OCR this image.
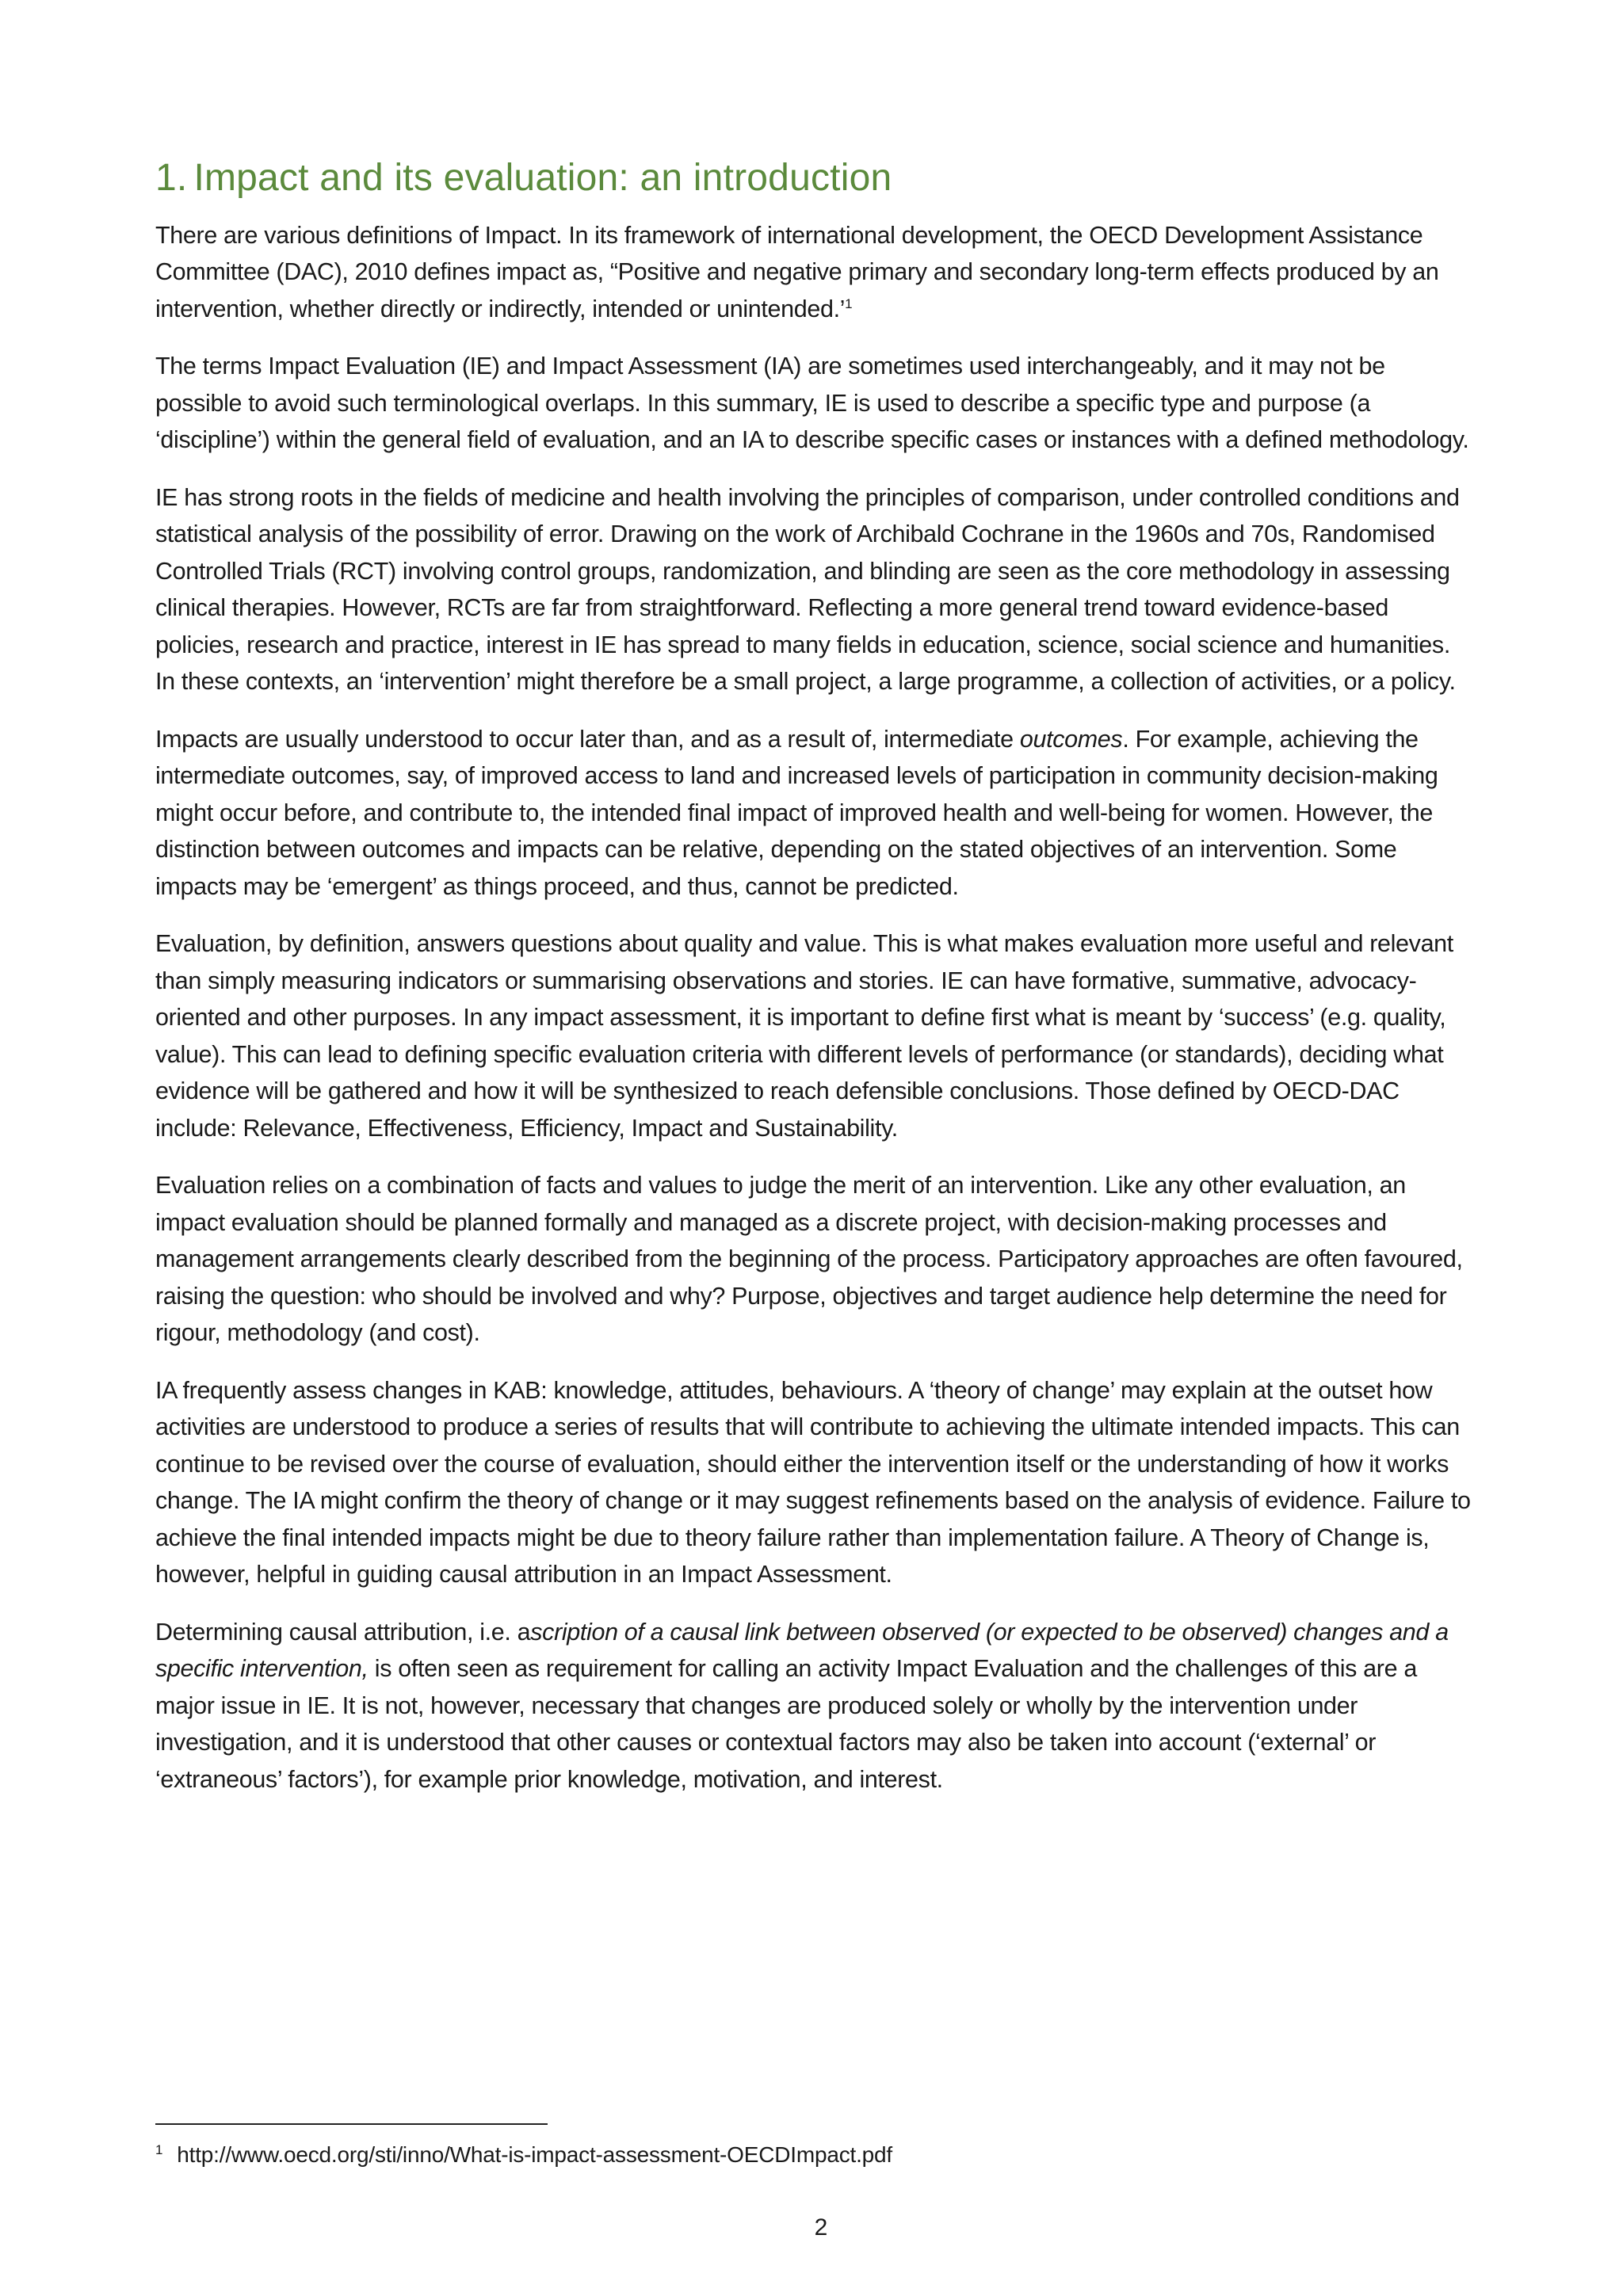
1. Impact and its evaluation: an introduction

There are various definitions of Impact. In its framework of international development, the OECD Development Assistance Committee (DAC), 2010 defines impact as, “Positive and negative primary and secondary long-term effects produced by an intervention, whether directly or indirectly, intended or unintended.’$^1$

The terms Impact Evaluation (IE) and Impact Assessment (IA) are sometimes used interchangeably, and it may not be possible to avoid such terminological overlaps. In this summary, IE is used to describe a specific type and purpose (a ‘discipline’) within the general field of evaluation, and an IA to describe specific cases or instances with a defined methodology.

IE has strong roots in the fields of medicine and health involving the principles of comparison, under controlled conditions and statistical analysis of the possibility of error. Drawing on the work of Archibald Cochrane in the 1960s and 70s, Randomised Controlled Trials (RCT) involving control groups, randomization, and blinding are seen as the core methodology in assessing clinical therapies. However, RCTs are far from straightforward. Reflecting a more general trend toward evidence-based policies, research and practice, interest in IE has spread to many fields in education, science, social science and humanities. In these contexts, an ‘intervention’ might therefore be a small project, a large programme, a collection of activities, or a policy.

Impacts are usually understood to occur later than, and as a result of, intermediate outcomes. For example, achieving the intermediate outcomes, say, of improved access to land and increased levels of participation in community decision-making might occur before, and contribute to, the intended final impact of improved health and well-being for women. However, the distinction between outcomes and impacts can be relative, depending on the stated objectives of an intervention. Some impacts may be ‘emergent’ as things proceed, and thus, cannot be predicted.

Evaluation, by definition, answers questions about quality and value. This is what makes evaluation more useful and relevant than simply measuring indicators or summarising observations and stories. IE can have formative, summative, advocacy-oriented and other purposes. In any impact assessment, it is important to define first what is meant by ‘success’ (e.g. quality, value). This can lead to defining specific evaluation criteria with different levels of performance (or standards), deciding what evidence will be gathered and how it will be synthesized to reach defensible conclusions. Those defined by OECD-DAC include: Relevance, Effectiveness, Efficiency, Impact and Sustainability.

Evaluation relies on a combination of facts and values to judge the merit of an intervention. Like any other evaluation, an impact evaluation should be planned formally and managed as a discrete project, with decision-making processes and management arrangements clearly described from the beginning of the process. Participatory approaches are often favoured, raising the question: who should be involved and why? Purpose, objectives and target audience help determine the need for rigour, methodology (and cost).

IA frequently assess changes in KAB: knowledge, attitudes, behaviours. A ‘theory of change’ may explain at the outset how activities are understood to produce a series of results that will contribute to achieving the ultimate intended impacts. This can continue to be revised over the course of evaluation, should either the intervention itself or the understanding of how it works change. The IA might confirm the theory of change or it may suggest refinements based on the analysis of evidence. Failure to achieve the final intended impacts might be due to theory failure rather than implementation failure. A Theory of Change is, however, helpful in guiding causal attribution in an Impact Assessment.

Determining causal attribution, i.e. ascription of a causal link between observed (or expected to be observed) changes and a specific intervention, is often seen as requirement for calling an activity Impact Evaluation and the challenges of this are a major issue in IE. It is not, however, necessary that changes are produced solely or wholly by the intervention under investigation, and it is understood that other causes or contextual factors may also be taken into account (‘external’ or ‘extraneous’ factors’), for example prior knowledge, motivation, and interest.

$^1$ http://www.oecd.org/sti/inno/What-is-impact-assessment-OECDImpact.pdf
2
